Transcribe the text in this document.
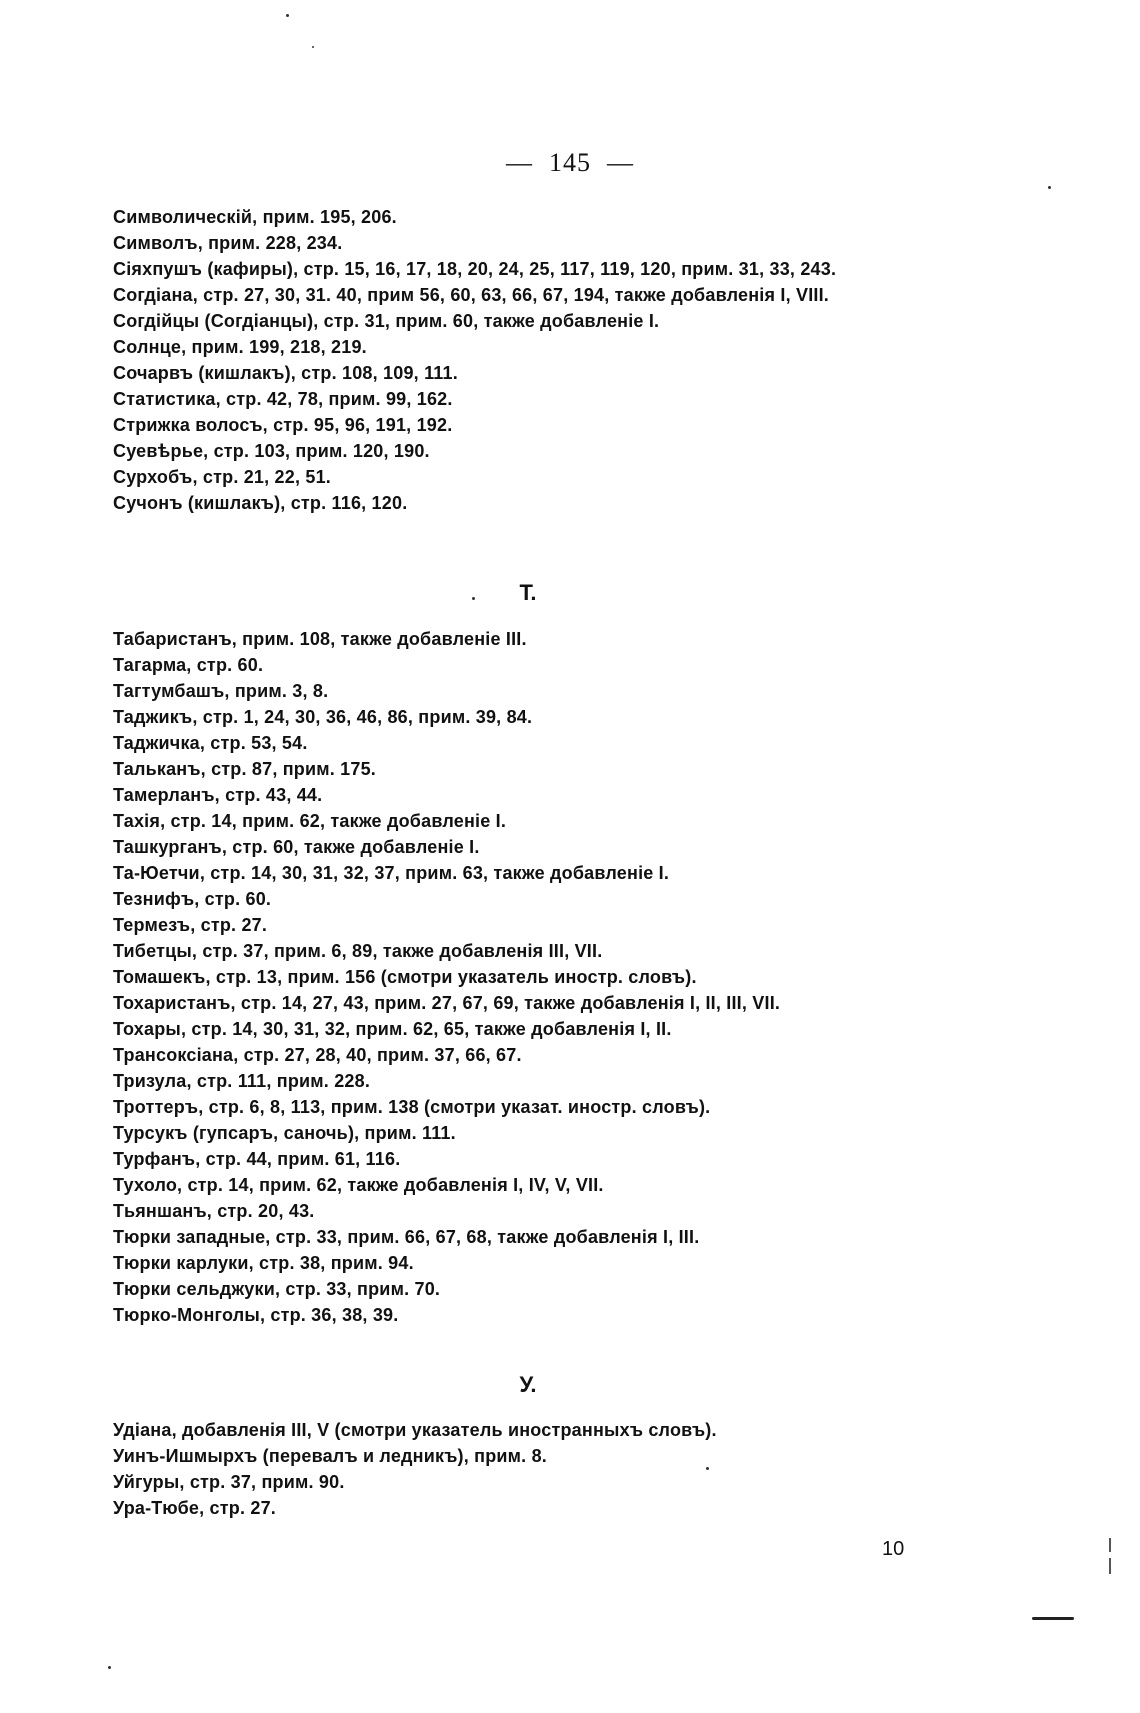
— 145 —
Символическій, прим. 195, 206.
Символъ, прим. 228, 234.
Сіяхпушъ (кафиры), стр. 15, 16, 17, 18, 20, 24, 25, 117, 119, 120, прим. 31, 33, 243.
Согдіана, стр. 27, 30, 31. 40, прим 56, 60, 63, 66, 67, 194, также добавленія I, VIII.
Согдійцы (Согдіанцы), стр. 31, прим. 60, также добавленіе I.
Солнце, прим. 199, 218, 219.
Сочарвъ (кишлакъ), стр. 108, 109, 111.
Статистика, стр. 42, 78, прим. 99, 162.
Стрижка волосъ, стр. 95, 96, 191, 192.
Суевѣрье, стр. 103, прим. 120, 190.
Сурхобъ, стр. 21, 22, 51.
Сучонъ (кишлакъ), стр. 116, 120.
Т.
Табаристанъ, прим. 108, также добавленіе III.
Тагарма, стр. 60.
Тагтумбашъ, прим. 3, 8.
Таджикъ, стр. 1, 24, 30, 36, 46, 86, прим. 39, 84.
Таджичка, стр. 53, 54.
Тальканъ, стр. 87, прим. 175.
Тамерланъ, стр. 43, 44.
Тахія, стр. 14, прим. 62, также добавленіе I.
Ташкурганъ, стр. 60, также добавленіе I.
Та-Юетчи, стр. 14, 30, 31, 32, 37, прим. 63, также добавленіе I.
Тезнифъ, стр. 60.
Термезъ, стр. 27.
Тибетцы, стр. 37, прим. 6, 89, также добавленія III, VII.
Томашекъ, стр. 13, прим. 156 (смотри указатель иностр. словъ).
Тохаристанъ, стр. 14, 27, 43, прим. 27, 67, 69, также добавленія I, II, III, VII.
Тохары, стр. 14, 30, 31, 32, прим. 62, 65, также добавленія I, II.
Трансоксіана, стр. 27, 28, 40, прим. 37, 66, 67.
Тризула, стр. 111, прим. 228.
Троттеръ, стр. 6, 8, 113, прим. 138 (смотри указат. иностр. словъ).
Турсукъ (гупсаръ, саночь), прим. 111.
Турфанъ, стр. 44, прим. 61, 116.
Тухоло, стр. 14, прим. 62, также добавленія I, IV, V, VII.
Тьяншанъ, стр. 20, 43.
Тюрки западные, стр. 33, прим. 66, 67, 68, также добавленія I, III.
Тюрки карлуки, стр. 38, прим. 94.
Тюрки сельджуки, стр. 33, прим. 70.
Тюрко-Монголы, стр. 36, 38, 39.
У.
Удіана, добавленія III, V (смотри указатель иностранныхъ словъ).
Уинъ-Ишмырхъ (перевалъ и ледникъ), прим. 8.
Уйгуры, стр. 37, прим. 90.
Ура-Тюбе, стр. 27.
10
